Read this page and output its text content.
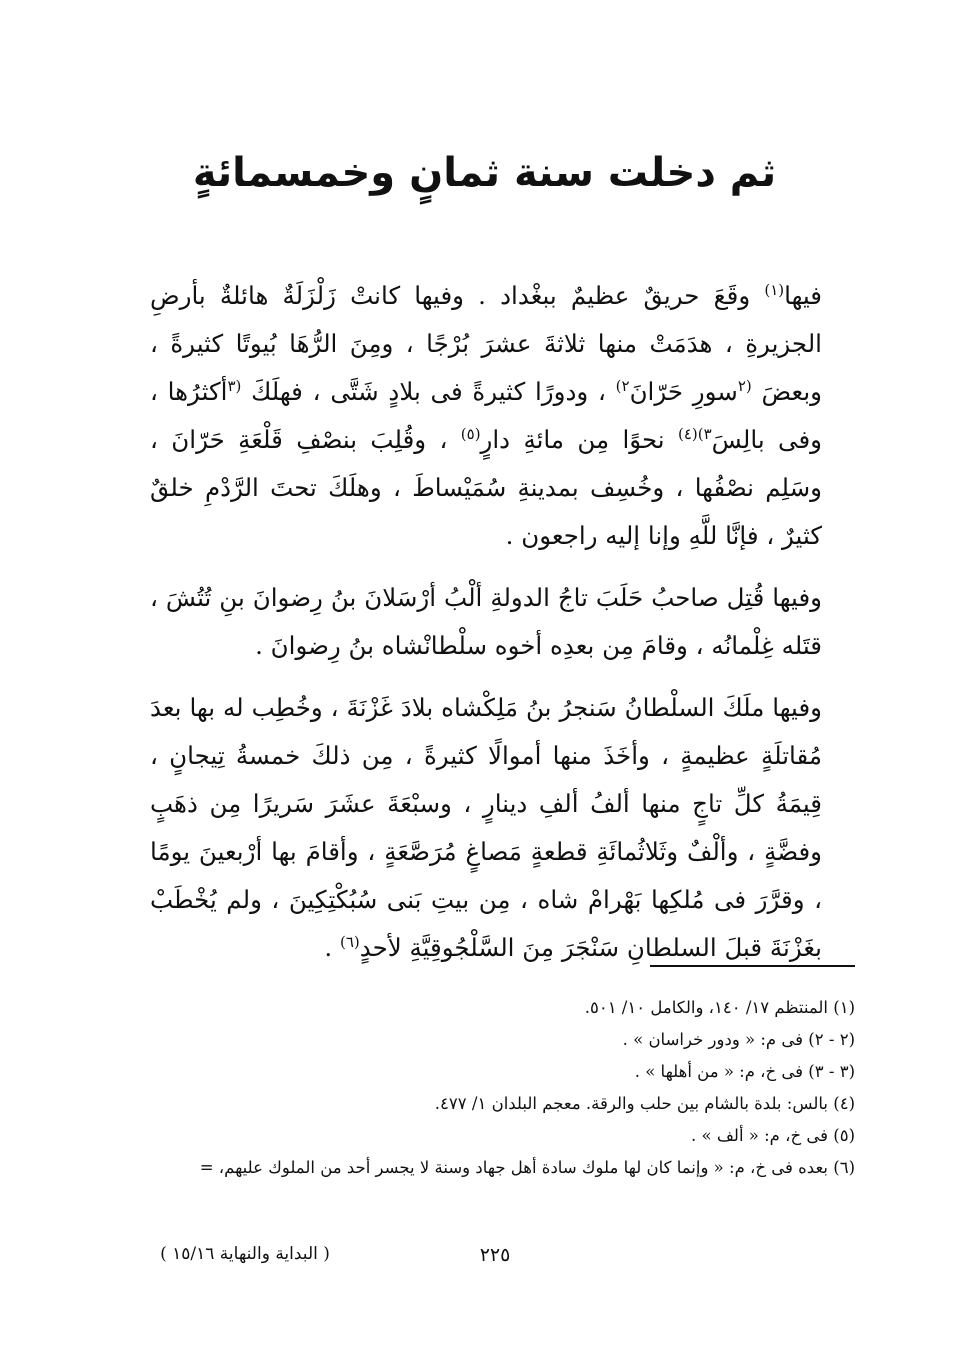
ثم دخلت سنة ثمانٍ وخمسمائةٍ

فيها$^{(١)}$ وقَعَ حريقٌ عظيمٌ ببغْداد . وفيها كانتْ زَلْزَلَةٌ هائلةٌ بأرضِ الجزيرةِ ، هدَمَتْ منها ثلاثةَ عشرَ بُرْجًا ، ومِنَ الرُّهَا بُيوتًا كثيرةً ، وبعضَ $^{(٢}$سورِ حَرّانَ$^{٢)}$ ، ودورًا كثيرةً فى بلادٍ شَتَّى ، فهلَكَ $^{(٣}$أكثرُها ، وفى بالِسَ$^{٣)(٤)}$ نحوًا مِن مائةِ دارٍ$^{(٥)}$ ، وقُلِبَ بنصْفِ قَلْعَةِ حَرّانَ ، وسَلِم نصْفُها ، وخُسِف بمدينةِ سُمَيْساطَ ، وهلَكَ تحتَ الرَّدْمِ خلقٌ كثيرٌ ، فإنَّا للَّهِ وإنا إليه راجعون .

وفيها قُتِل صاحبُ حَلَبَ تاجُ الدولةِ ألْبُ أرْسَلانَ بنُ رِضوانَ بنِ تُتُشَ ، قتَله غِلْمانُه ، وقامَ مِن بعدِه أخوه سلْطانْشاه بنُ رِضوانَ .

وفيها ملَكَ السلْطانُ سَنجرُ بنُ مَلِكْشاه بلادَ غَزْنَةَ ، وخُطِب له بها بعدَ مُقاتلَةٍ عظيمةٍ ، وأخَذَ منها أموالًا كثيرةً ، مِن ذلكَ خمسةُ تِيجانٍ ، قِيمَةُ كلِّ تاجٍ منها ألفُ ألفِ دينارٍ ، وسبْعَةَ عشَرَ سَريرًا مِن ذهَبٍ وفضَّةٍ ، وألْفٌ وثَلاثُمائَةِ قطعةٍ مَصاغٍ مُرَصَّعَةٍ ، وأقامَ بها أرْبعينَ يومًا ، وقرَّرَ فى مُلكِها بَهْرامْ شاه ، مِن بيتِ بَنى سُبُكْتِكِينَ ، ولم يُخْطَبْ بغَزْنَةَ قبلَ السلطانِ سَنْجَرَ مِنَ السَّلْجُوقِيَّةِ لأحدٍ$^{(٦)}$ .

(١) المنتظم ١٧/ ١٤٠، والكامل ١٠/ ٥٠١.

(٢ - ٢) فى م: « ودور خراسان » .

(٣ - ٣) فى خ، م: « من أهلها » .

(٤) بالس: بلدة بالشام بين حلب والرقة. معجم البلدان ١/ ٤٧٧.

(٥) فى خ، م: « ألف » .

(٦) بعده فى خ، م: « وإنما كان لها ملوك سادة أهل جهاد وسنة لا يجسر أحد من الملوك عليهم، =

٢٢٥
( البداية والنهاية ١٥/١٦ )
